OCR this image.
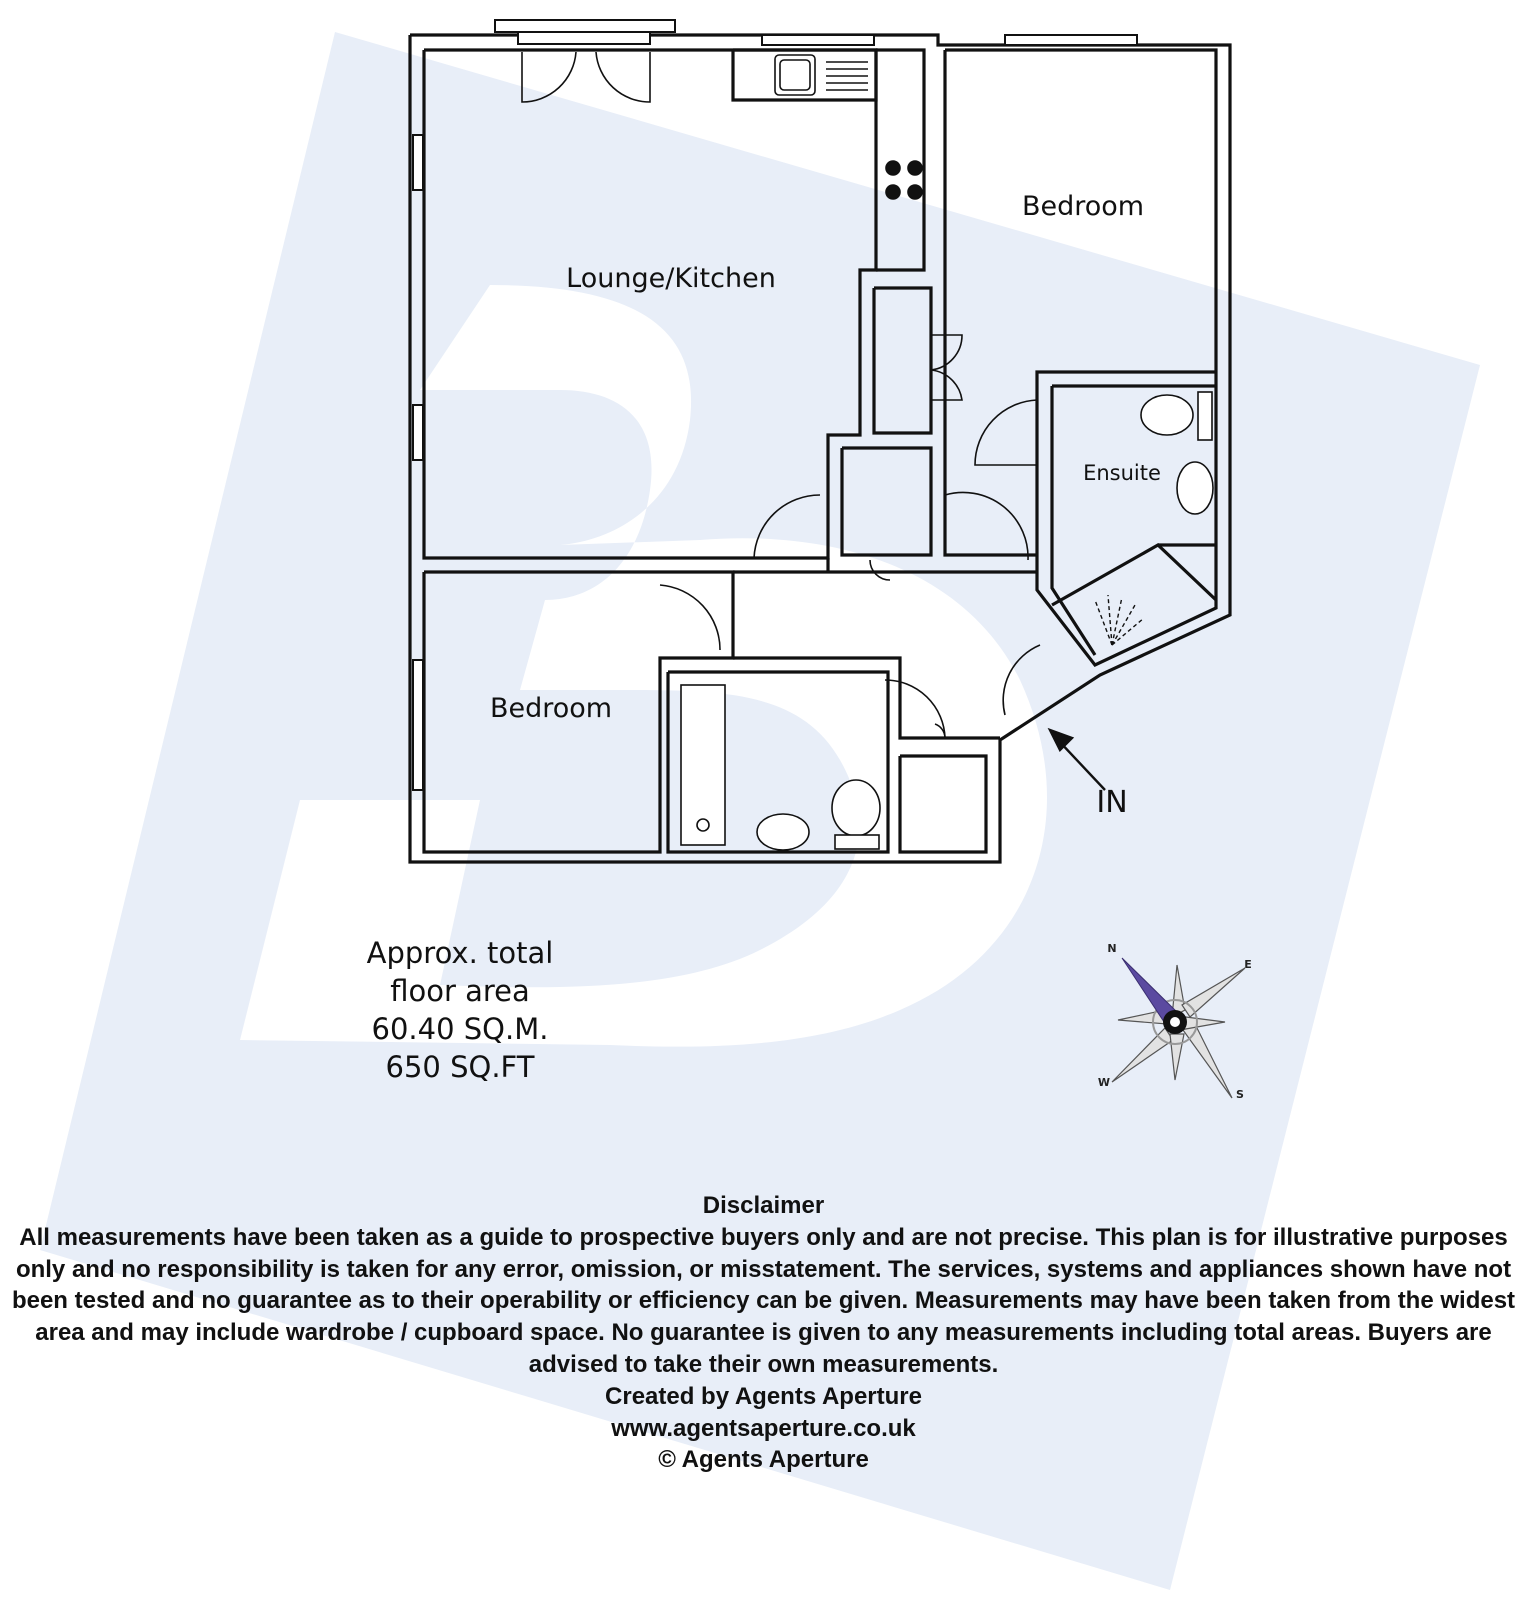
Lounge/Kitchen
Bedroom
Ensuite
Bedroom
IN
N
E
S
W
Approx. total
floor area
60.40 SQ.M.
650 SQ.FT
Disclaimer
All measurements have been taken as a guide to prospective buyers only and are not precise. This plan is for illustrative purposes only and no responsibility is taken for any error, omission, or misstatement. The services, systems and appliances shown have not been tested and no guarantee as to their operability or efficiency can be given. Measurements may have been taken from the widest area and may include wardrobe / cupboard space. No guarantee is given to any measurements including total areas. Buyers are advised to take their own measurements.
Created by Agents Aperture
www.agentsaperture.co.uk
© Agents Aperture
